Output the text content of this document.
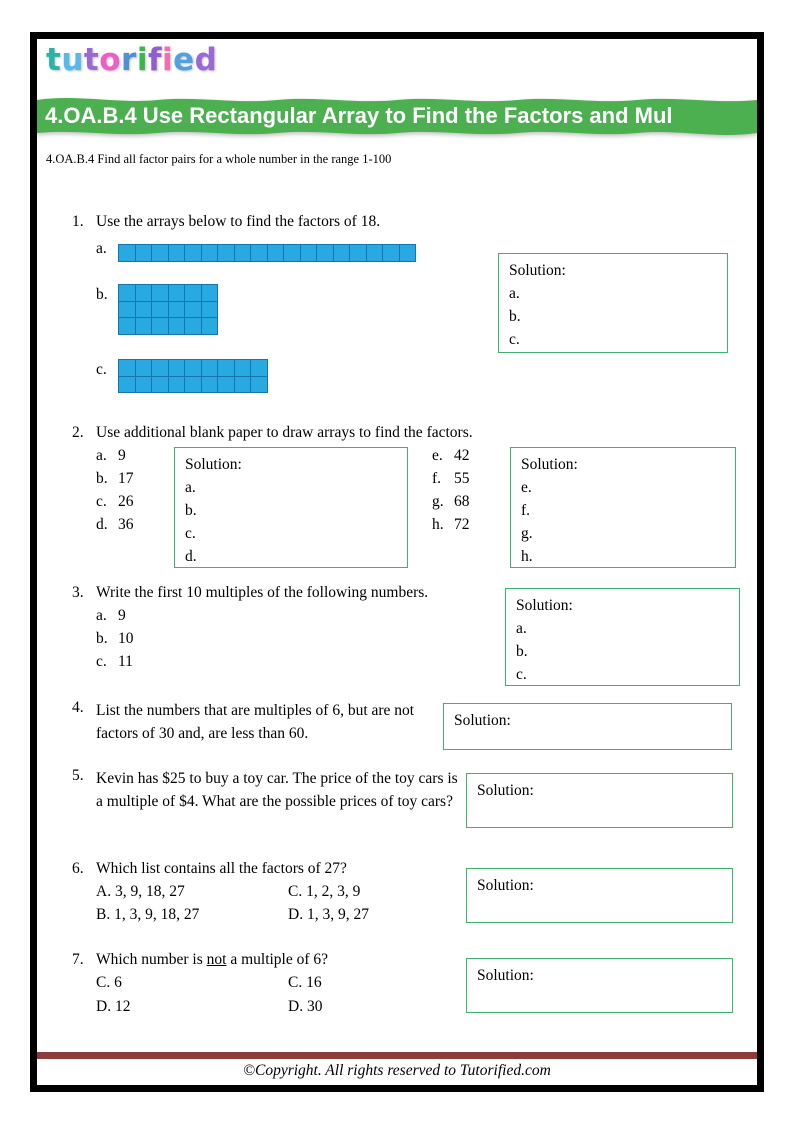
tutorified
4.OA.B.4 Use Rectangular Array to Find the Factors and Mul
4.OA.B.4 Find all factor pairs for a whole number in the range 1-100
1. Use the arrays below to find the factors of 18.
a.
b.
c.
Solution:
a.
b.
c.
2. Use additional blank paper to draw arrays to find the factors.
a. 9
b. 17
c. 26
d. 36
Solution:
a.
b.
c.
d.
e. 42
f. 55
g. 68
h. 72
Solution:
e.
f.
g.
h.
3. Write the first 10 multiples of the following numbers.
a. 9
b. 10
c. 11
Solution:
a.
b.
c.
4. List the numbers that are multiples of 6, but are not factors of 30 and, are less than 60.
Solution:
5. Kevin has $25 to buy a toy car. The price of the toy cars is a multiple of $4. What are the possible prices of toy cars?
Solution:
6. Which list contains all the factors of 27?
A. 3, 9, 18, 27	C. 1, 2, 3, 9
B. 1, 3, 9, 18, 27	D. 1, 3, 9, 27
Solution:
7. Which number is not a multiple of 6?
C. 6	C. 16
D. 12	D. 30
Solution:
©Copyright. All rights reserved to Tutorified.com
